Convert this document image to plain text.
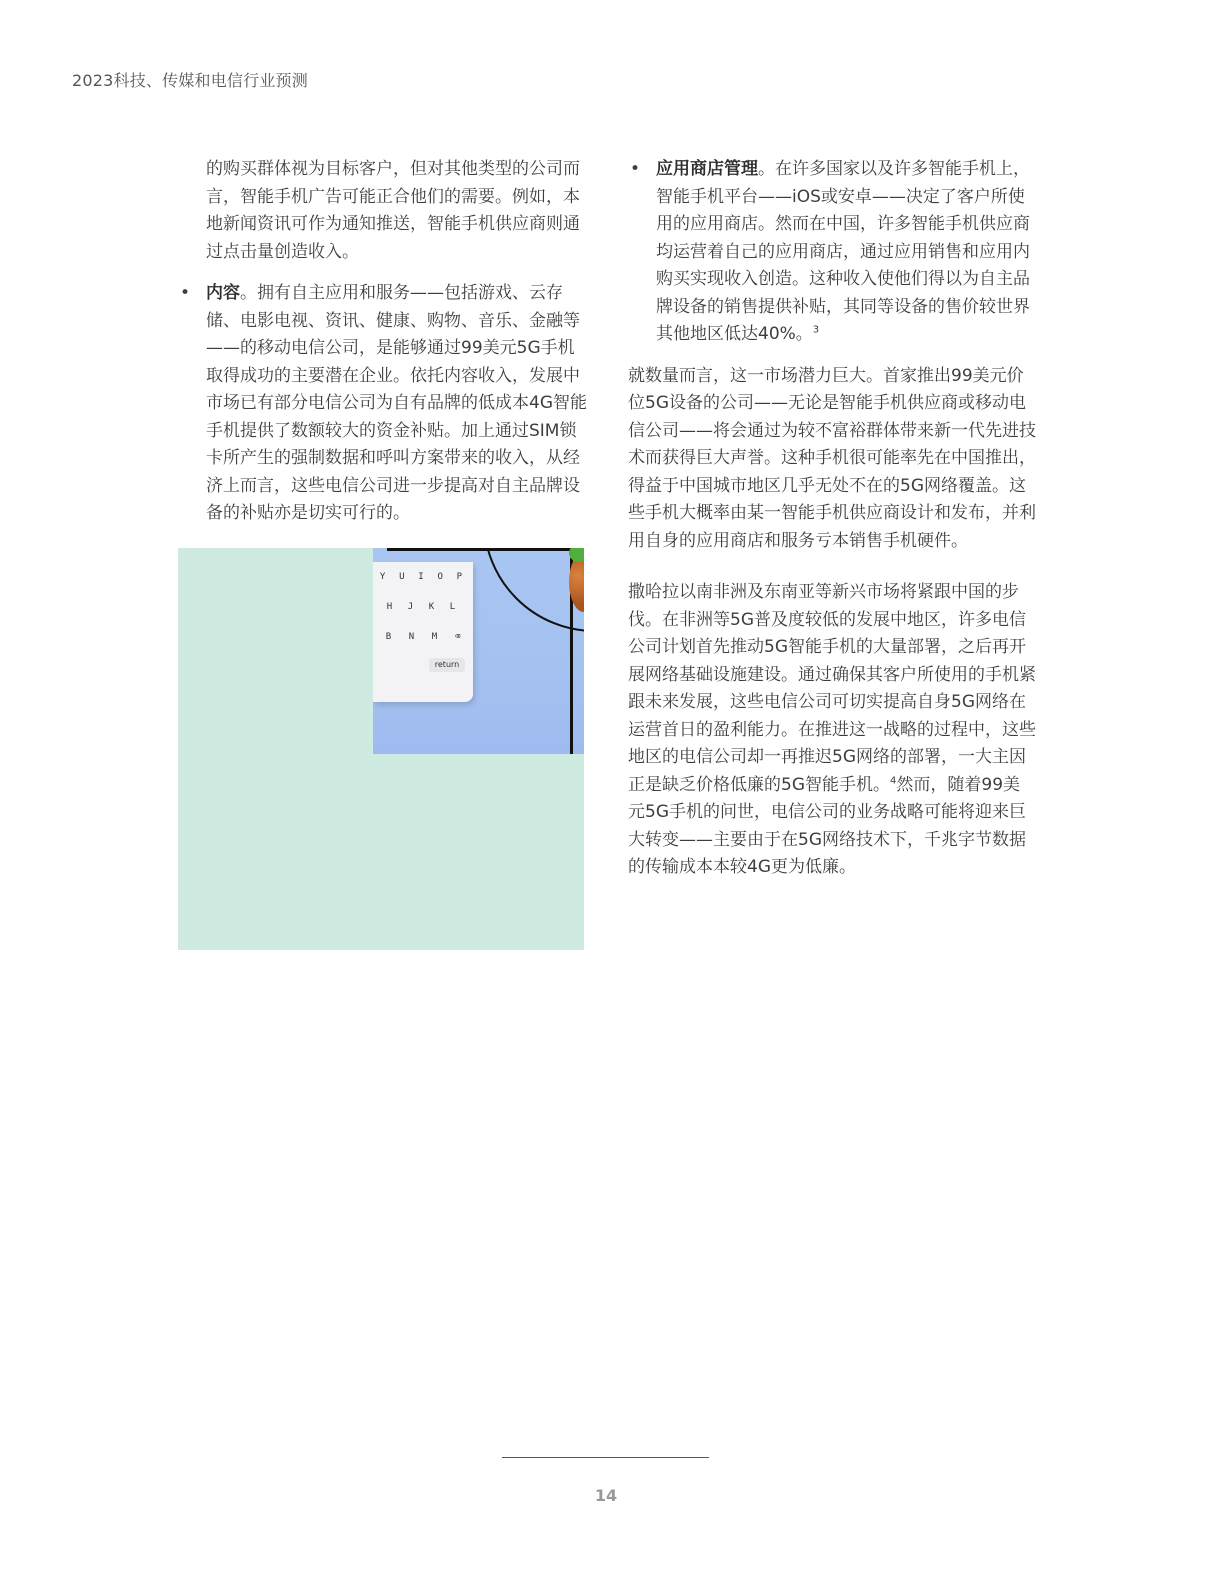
2023科技、传媒和电信行业预测

的购买群体视为目标客户，但对其他类型的公司而言，智能手机广告可能正合他们的需要。例如，本地新闻资讯可作为通知推送，智能手机供应商则通过点击量创造收入。

• 内容。拥有自主应用和服务——包括游戏、云存储、电影电视、资讯、健康、购物、音乐、金融等——的移动电信公司，是能够通过99美元5G手机取得成功的主要潜在企业。依托内容收入，发展中市场已有部分电信公司为自有品牌的低成本4G智能手机提供了数额较大的资金补贴。加上通过SIM锁卡所产生的强制数据和呼叫方案带来的收入，从经济上而言，这些电信公司进一步提高对自主品牌设备的补贴亦是切实可行的。
Y U I O P
H J K L
B N M ⌫
return
• 应用商店管理。在许多国家以及许多智能手机上，智能手机平台——iOS或安卓——决定了客户所使用的应用商店。然而在中国，许多智能手机供应商均运营着自己的应用商店，通过应用销售和应用内购买实现收入创造。这种收入使他们得以为自主品牌设备的销售提供补贴，其同等设备的售价较世界其他地区低达40%。$^3$

就数量而言，这一市场潜力巨大。首家推出99美元价位5G设备的公司——无论是智能手机供应商或移动电信公司——将会通过为较不富裕群体带来新一代先进技术而获得巨大声誉。这种手机很可能率先在中国推出，得益于中国城市地区几乎无处不在的5G网络覆盖。这些手机大概率由某一智能手机供应商设计和发布，并利用自身的应用商店和服务亏本销售手机硬件。

撒哈拉以南非洲及东南亚等新兴市场将紧跟中国的步伐。在非洲等5G普及度较低的发展中地区，许多电信公司计划首先推动5G智能手机的大量部署，之后再开展网络基础设施建设。通过确保其客户所使用的手机紧跟未来发展，这些电信公司可切实提高自身5G网络在运营首日的盈利能力。在推进这一战略的过程中，这些地区的电信公司却一再推迟5G网络的部署，一大主因正是缺乏价格低廉的5G智能手机。$^4$然而，随着99美元5G手机的问世，电信公司的业务战略可能将迎来巨大转变——主要由于在5G网络技术下，千兆字节数据的传输成本本较4G更为低廉。

14
